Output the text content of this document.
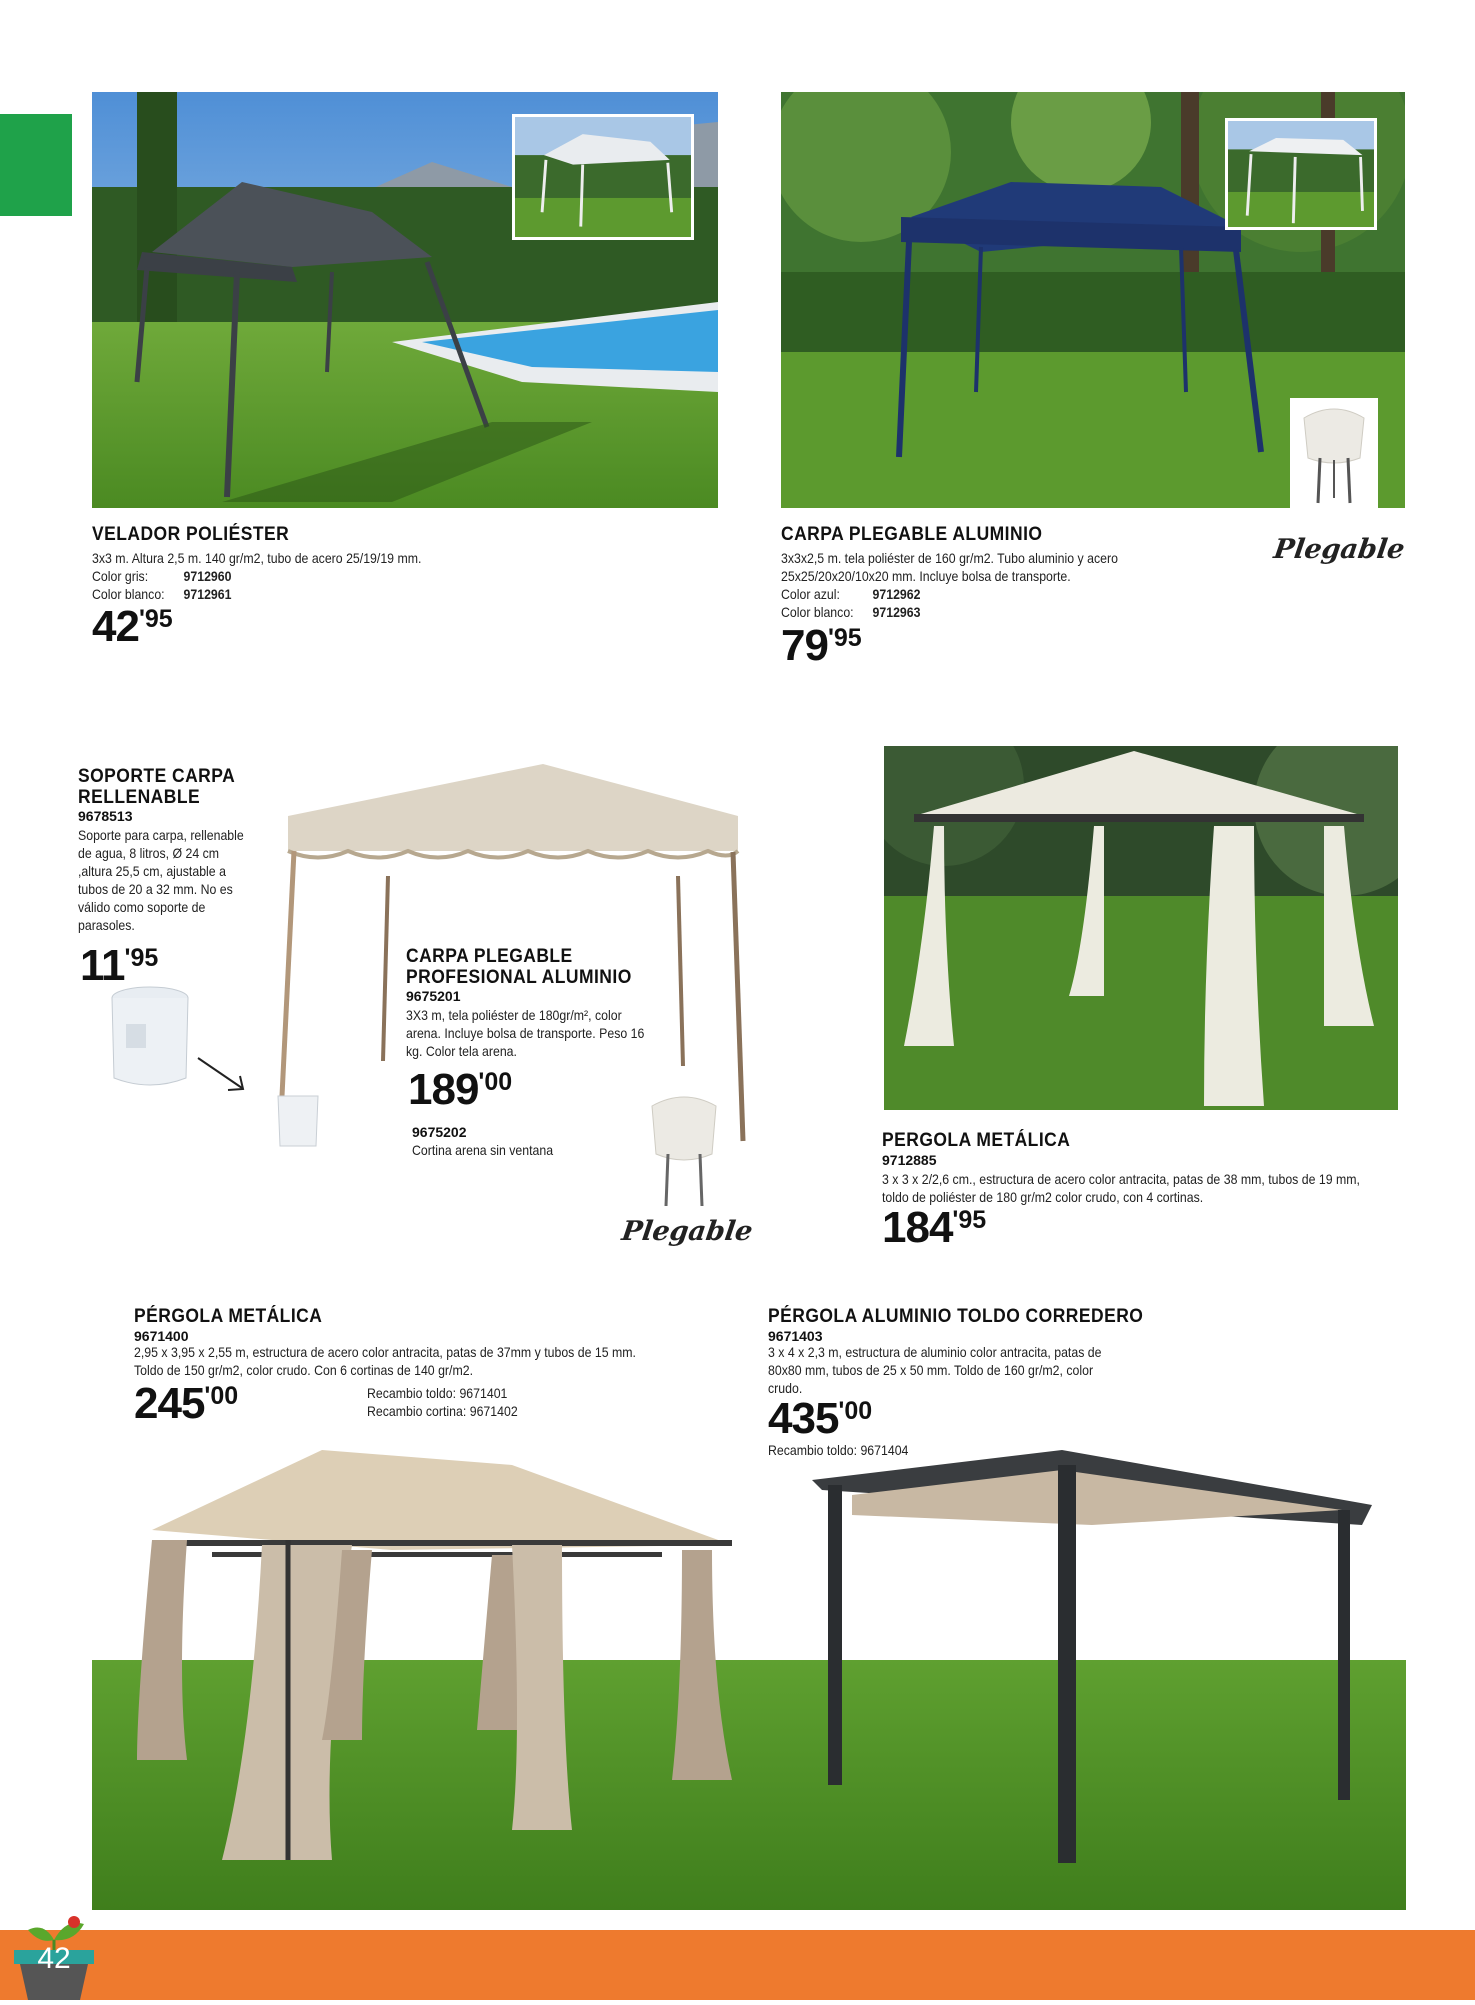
VELADOR POLIÉSTER
3x3 m. Altura 2,5 m. 140 gr/m2, tubo de acero 25/19/19 mm.
Color gris:	9712960
Color blanco:	9712961
42'95
CARPA PLEGABLE ALUMINIO	Plegable
3x3x2,5 m. tela poliéster de 160 gr/m2. Tubo aluminio y acero 25x25/20x20/10x20 mm. Incluye bolsa de transporte.
Color azul:	9712962
Color blanco:	9712963
79'95
SOPORTE CARPA
RELLENABLE
9678513
Soporte para carpa, rellenable de agua, 8 litros, Ø 24 cm ,altura 25,5 cm, ajustable a tubos de 20 a 32 mm. No es válido como soporte de parasoles.
11'95	CARPA PLEGABLE
PROFESIONAL ALUMINIO
9675201
3X3 m, tela poliéster de 180gr/m², color arena. Incluye bolsa de transporte. Peso 16 kg. Color tela arena.
189'00
9675202
Cortina arena sin ventana
Plegable
PERGOLA METÁLICA
9712885
3 x 3 x 2/2,6 cm., estructura de acero color antracita, patas de 38 mm, tubos de 19 mm, toldo de poliéster de 180 gr/m2 color crudo, con 4 cortinas.
184'95
PÉRGOLA METÁLICA
9671400
2,95 x 3,95 x 2,55 m, estructura de acero color antracita, patas de 37mm y tubos de 15 mm. Toldo de 150 gr/m2, color crudo. Con 6 cortinas de 140 gr/m2.
245'00	Recambio toldo: 9671401
Recambio cortina: 9671402
PÉRGOLA ALUMINIO TOLDO CORREDERO
9671403
3 x 4 x 2,3 m, estructura de aluminio color antracita, patas de 80x80 mm, tubos de 25 x 50 mm. Toldo de 160 gr/m2, color crudo.
435'00
Recambio toldo: 9671404
42
